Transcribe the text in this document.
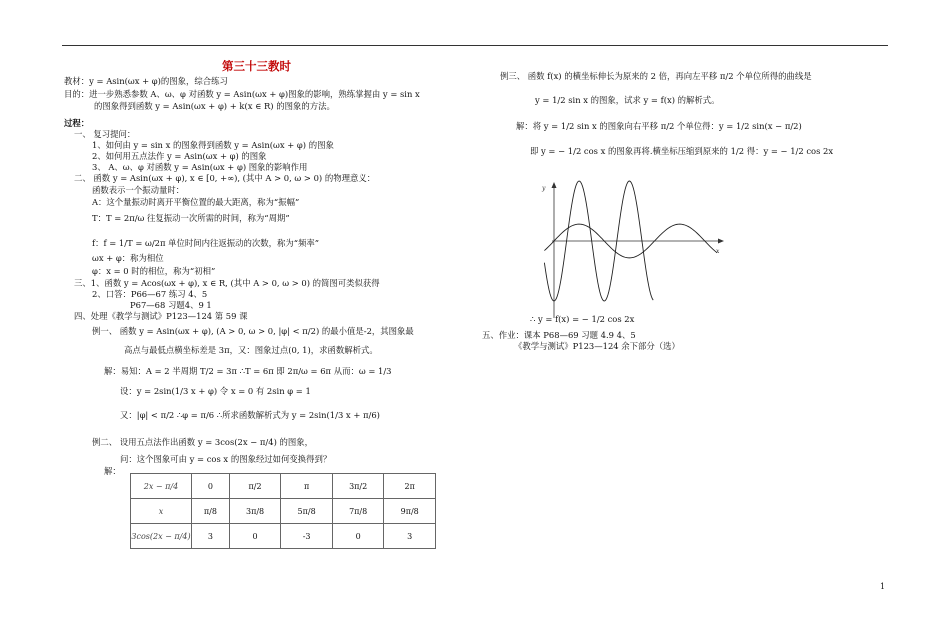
第三十三教时
教材：y = Asin(ωx + φ)的图象，综合练习
目的：进一步熟悉参数 A、ω、φ 对函数 y = Asin(ωx + φ)图象的影响，熟练掌握由 y = sin x
的图象得到函数 y = Asin(ωx + φ) + k(x ∈ R) 的图象的方法。
过程：
一、 复习提问：
1、如何由 y = sin x 的图象得到函数 y = Asin(ωx + φ) 的图象
2、如何用五点法作 y = Asin(ωx + φ) 的图象
3、 A、ω、φ 对函数 y = Asin(ωx + φ) 图象的影响作用
二、 函数 y = Asin(ωx + φ), x ∈ [0, +∞), (其中 A > 0, ω > 0) 的物理意义：
函数表示一个振动量时：
A：这个量振动时离开平衡位置的最大距离，称为“振幅”
T：T = 2π/ω 往复振动一次所需的时间，称为“周期”
f：f = 1/T = ω/2π 单位时间内往返振动的次数，称为“频率”
ωx + φ：称为相位
φ：x = 0 时的相位，称为“初相”
三、1、函数 y = Acos(ωx + φ), x ∈ R, (其中 A > 0, ω > 0) 的简图可类似获得
2、口答：P66—67 练习 4、5
P67—68 习题4、9 1
四、处理《教学与测试》P123—124 第 59 课
例一、 函数 y = Asin(ωx + φ), (A > 0, ω > 0, |φ| < π/2) 的最小值是-2，其图象最
高点与最低点横坐标差是 3π，又：图象过点(0, 1)，求函数解析式。
解：易知：A = 2 半周期 T/2 = 3π ∴T = 6π 即 2π/ω = 6π 从而：ω = 1/3
设：y = 2sin(1/3 x + φ) 令 x = 0 有 2sin φ = 1
又：|φ| < π/2 ∴φ = π/6 ∴所求函数解析式为 y = 2sin(1/3 x + π/6)
例二、 设用五点法作出函数 y = 3cos(2x − π/4) 的图象，
问：这个图象可由 y = cos x 的图象经过如何变换得到？
解：
2x − π/4	0	π/2	π	3π/2	2π
x	π/8	3π/8	5π/8	7π/8	9π/8
3cos(2x − π/4)	3	0	-3	0	3
例三、 函数 f(x) 的横坐标伸长为原来的 2 倍，再向左平移 π/2 个单位所得的曲线是
y = 1/2 sin x 的图象，试求 y = f(x) 的解析式。
解：将 y = 1/2 sin x 的图象向右平移 π/2 个单位得：y = 1/2 sin(x − π/2)
即 y = − 1/2 cos x 的图象再将.横坐标压缩到原来的 1/2 得：y = − 1/2 cos 2x
x
y
∴ y = f(x) = − 1/2 cos 2x
五、作业：课本 P68—69 习题 4.9 4、5
《教学与测试》P123—124 余下部分（选）
1
